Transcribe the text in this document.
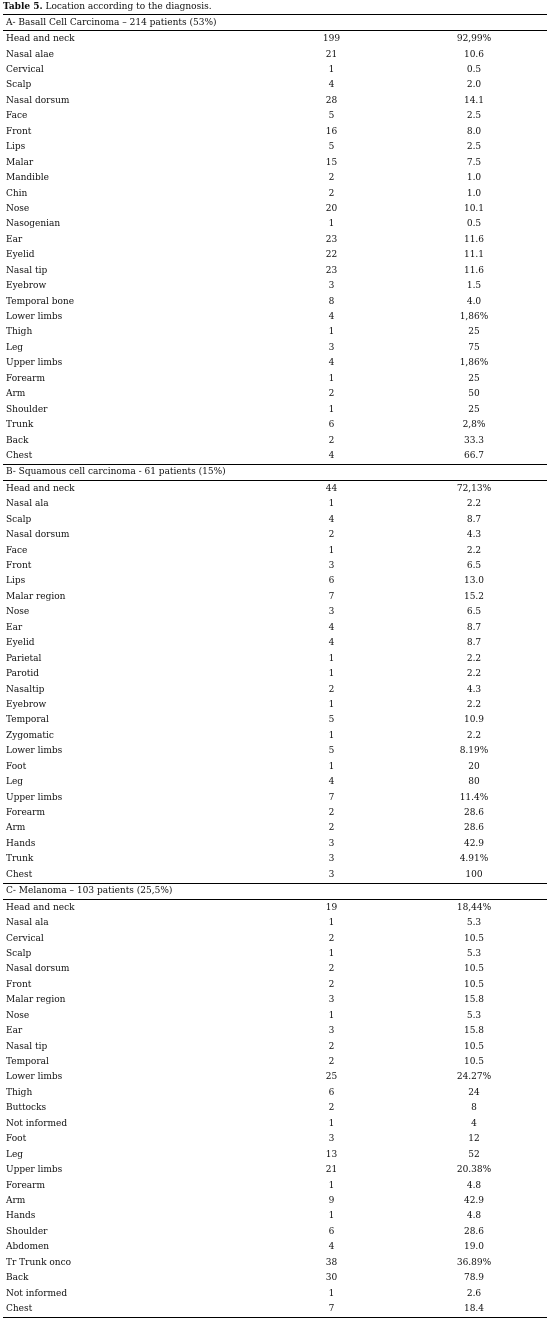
Table 5. Location according to the diagnosis.
A- Basall Cell Carcinoma – 214 patients (53%)		
Head and neck	199	92,99%
Nasal alae	21	10.6
Cervical	1	0.5
Scalp	4	2.0
Nasal dorsum	28	14.1
Face	5	2.5
Front	16	8.0
Lips	5	2.5
Malar	15	7.5
Mandible	2	1.0
Chin	2	1.0
Nose	20	10.1
Nasogenian	1	0.5
Ear	23	11.6
Eyelid	22	11.1
Nasal tip	23	11.6
Eyebrow	3	1.5
Temporal bone	8	4.0
Lower limbs	4	1,86%
Thigh	1	25
Leg	3	75
Upper limbs	4	1,86%
Forearm	1	25
Arm	2	50
Shoulder	1	25
Trunk	6	2,8%
Back	2	33.3
Chest	4	66.7
B- Squamous cell carcinoma - 61 patients (15%)		
Head and neck	44	72,13%
Nasal ala	1	2.2
Scalp	4	8.7
Nasal dorsum	2	4.3
Face	1	2.2
Front	3	6.5
Lips	6	13.0
Malar region	7	15.2
Nose	3	6.5
Ear	4	8.7
Eyelid	4	8.7
Parietal	1	2.2
Parotid	1	2.2
Nasaltip	2	4.3
Eyebrow	1	2.2
Temporal	5	10.9
Zygomatic	1	2.2
Lower limbs	5	8.19%
Foot	1	20
Leg	4	80
Upper limbs	7	11.4%
Forearm	2	28.6
Arm	2	28.6
Hands	3	42.9
Trunk	3	4.91%
Chest	3	100
C- Melanoma – 103 patients (25,5%)		
Head and neck	19	18,44%
Nasal ala	1	5.3
Cervical	2	10.5
Scalp	1	5.3
Nasal dorsum	2	10.5
Front	2	10.5
Malar region	3	15.8
Nose	1	5.3
Ear	3	15.8
Nasal tip	2	10.5
Temporal	2	10.5
Lower limbs	25	24.27%
Thigh	6	24
Buttocks	2	8
Not informed	1	4
Foot	3	12
Leg	13	52
Upper limbs	21	20.38%
Forearm	1	4.8
Arm	9	42.9
Hands	1	4.8
Shoulder	6	28.6
Abdomen	4	19.0
Tr Trunk onco	38	36.89%
Back	30	78.9
Not informed	1	2.6
Chest	7	18.4
